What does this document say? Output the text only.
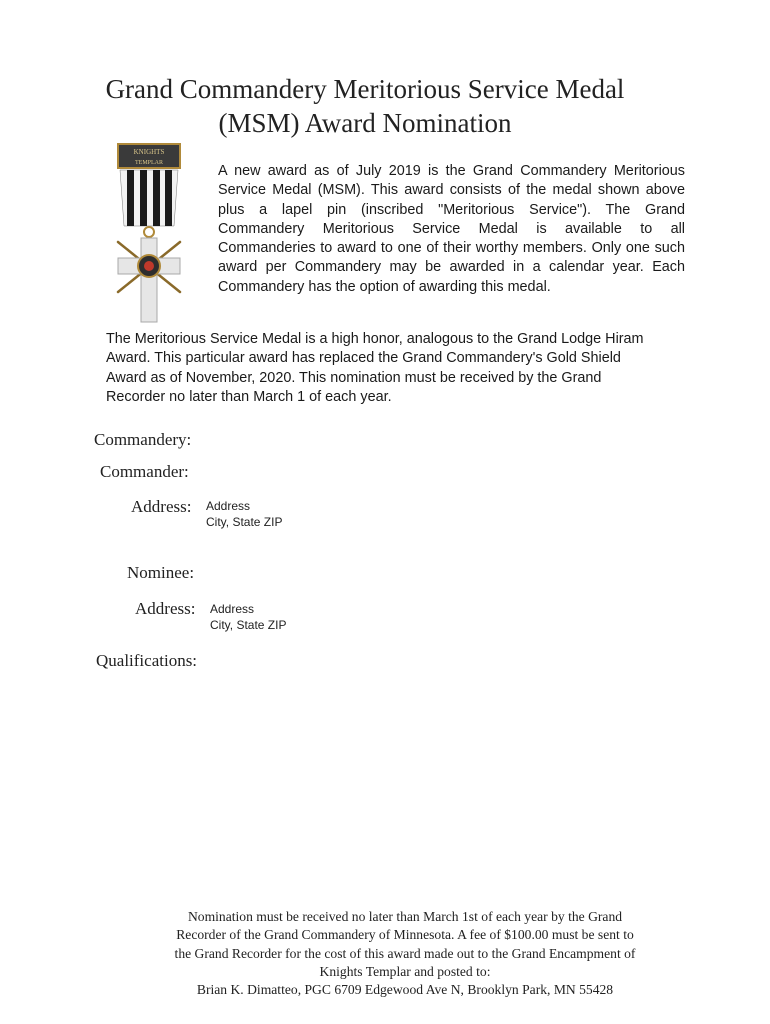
Grand Commandery Meritorious Service Medal
(MSM) Award Nomination
KNIGHTS
TEMPLAR	A new award as of July 2019 is the Grand Commandery Meritorious Service Medal (MSM). This award consists of the medal shown above plus a lapel pin (inscribed "Meritorious Service"). The Grand Commandery Meritorious Service Medal is available to all Commanderies to award to one of their worthy members. Only one such award per Commandery may be awarded in a calendar year. Each Commandery has the option of awarding this medal.
The Meritorious Service Medal is a high honor, analogous to the Grand Lodge Hiram
Award. This particular award has replaced the Grand Commandery's Gold Shield
Award as of November, 2020. This nomination must be received by the Grand
Recorder no later than March 1 of each year.
Commandery:
Commander:
Address: Address
City, State ZIP
Nominee:
Address: Address
City, State ZIP
Qualifications:
Nomination must be received no later than March 1st of each year by the Grand
Recorder of the Grand Commandery of Minnesota. A fee of $100.00 must be sent to
the Grand Recorder for the cost of this award made out to the Grand Encampment of
Knights Templar and posted to:
Brian K. Dimatteo, PGC 6709 Edgewood Ave N, Brooklyn Park, MN 55428
